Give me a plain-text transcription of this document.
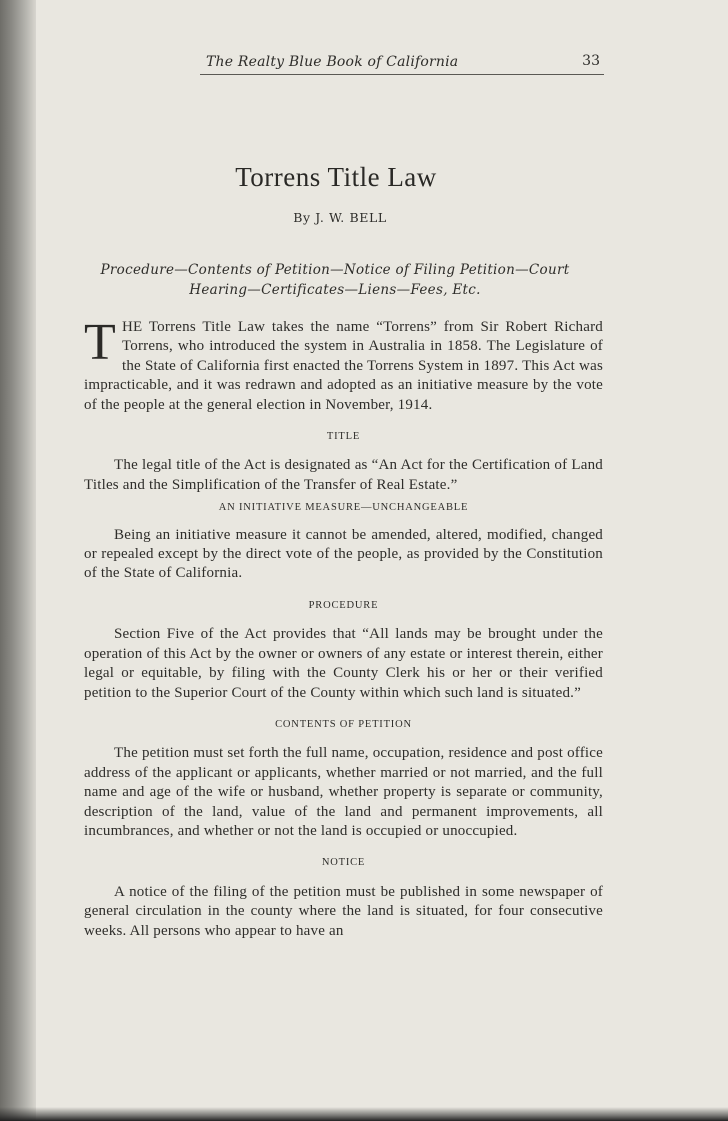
The Realty Blue Book of California	33
Torrens Title Law
By J. W. BELL
Procedure—Contents of Petition—Notice of Filing Petition—Court Hearing—Certificates—Liens—Fees, Etc.

THE Torrens Title Law takes the name “Torrens” from Sir Robert Richard Torrens, who introduced the system in Australia in 1858. The Legislature of the State of California first enacted the Torrens System in 1897. This Act was impracticable, and it was redrawn and adopted as an initiative measure by the vote of the people at the general election in November, 1914.

TITLE

The legal title of the Act is designated as “An Act for the Certification of Land Titles and the Simplification of the Transfer of Real Estate.”

AN INITIATIVE MEASURE—UNCHANGEABLE

Being an initiative measure it cannot be amended, altered, modified, changed or repealed except by the direct vote of the people, as provided by the Constitution of the State of California.

PROCEDURE

Section Five of the Act provides that “All lands may be brought under the operation of this Act by the owner or owners of any estate or interest therein, either legal or equitable, by filing with the County Clerk his or her or their verified petition to the Superior Court of the County within which such land is situated.”

CONTENTS OF PETITION

The petition must set forth the full name, occupation, residence and post office address of the applicant or applicants, whether married or not married, and the full name and age of the wife or husband, whether property is separate or community, description of the land, value of the land and permanent improvements, all incumbrances, and whether or not the land is occupied or unoccupied.

NOTICE

A notice of the filing of the petition must be published in some newspaper of general circulation in the county where the land is situated, for four consecutive weeks. All persons who appear to have an
